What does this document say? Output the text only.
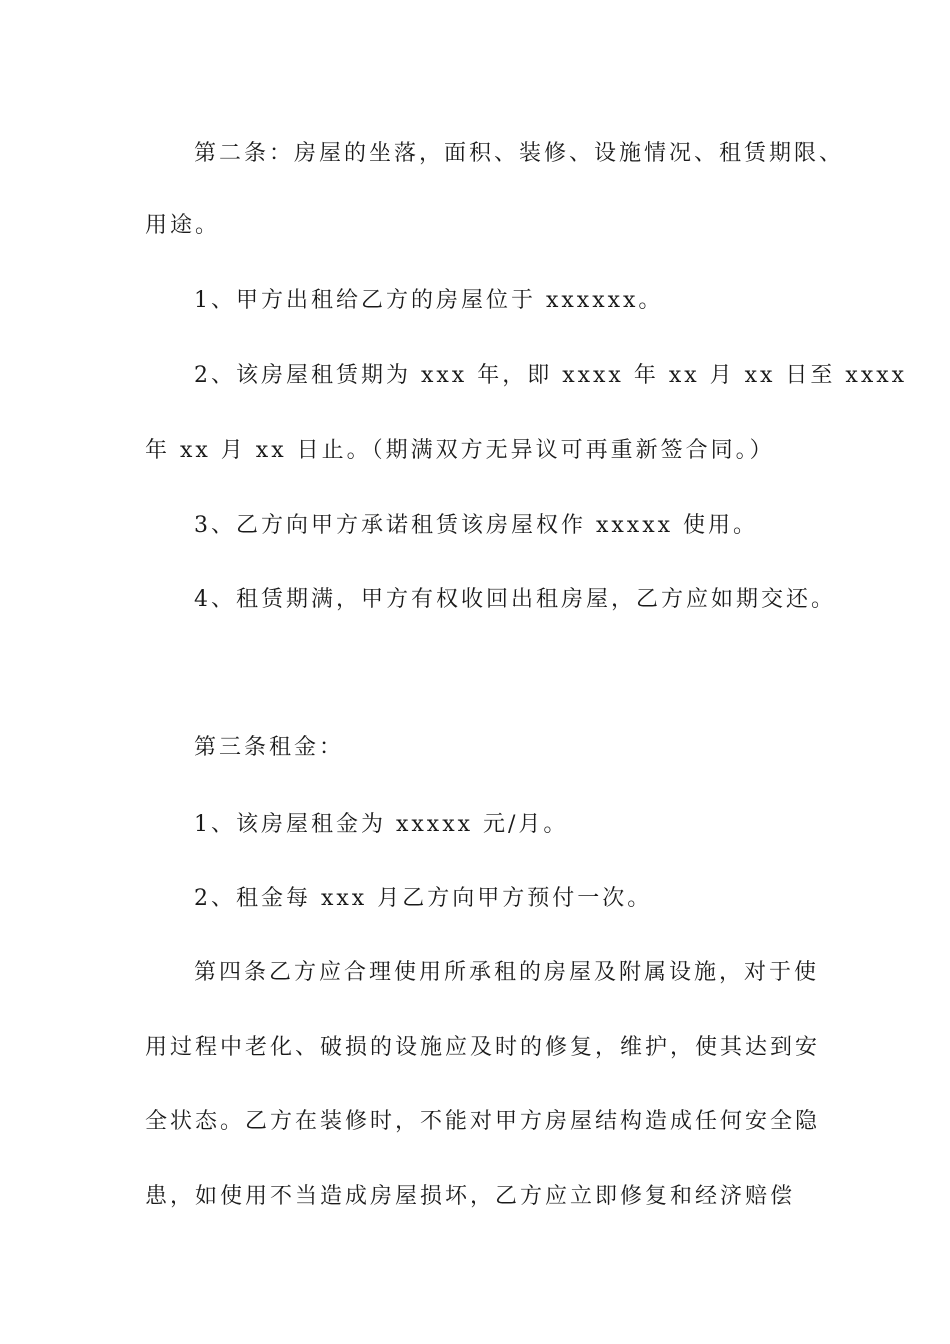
第二条：房屋的坐落，面积、装修、设施情况、租赁期限、

用途。

1、甲方出租给乙方的房屋位于 xxxxxx。

2、该房屋租赁期为 xxx 年，即 xxxx 年 xx 月 xx 日至 xxxx

年 xx 月 xx 日止。（期满双方无异议可再重新签合同。）

3、乙方向甲方承诺租赁该房屋权作 xxxxx 使用。

4、租赁期满，甲方有权收回出租房屋，乙方应如期交还。

第三条租金：

1、该房屋租金为 xxxxx 元/月。

2、租金每 xxx 月乙方向甲方预付一次。

第四条乙方应合理使用所承租的房屋及附属设施，对于使

用过程中老化、破损的设施应及时的修复，维护，使其达到安

全状态。乙方在装修时，不能对甲方房屋结构造成任何安全隐

患，如使用不当造成房屋损坏，乙方应立即修复和经济赔偿
